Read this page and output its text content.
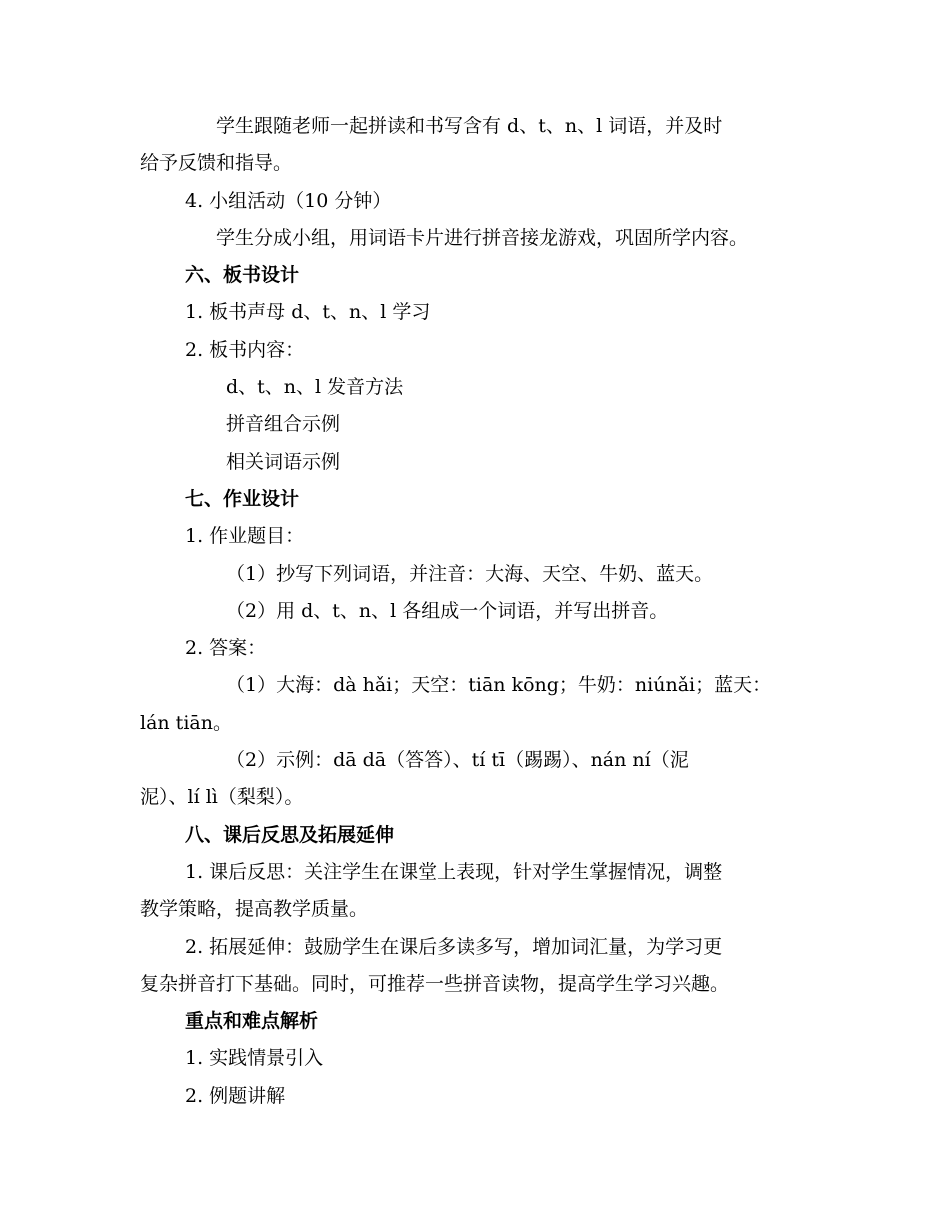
学生跟随老师一起拼读和书写含有 d、t、n、l 词语，并及时
给予反馈和指导。
4. 小组活动（10 分钟）
学生分成小组，用词语卡片进行拼音接龙游戏，巩固所学内容。
六、板书设计
1. 板书声母 d、t、n、l 学习
2. 板书内容：
d、t、n、l 发音方法
拼音组合示例
相关词语示例
七、作业设计
1. 作业题目：
（1）抄写下列词语，并注音：大海、天空、牛奶、蓝天。
（2）用 d、t、n、l 各组成一个词语，并写出拼音。
2. 答案：
（1）大海：dà hǎi；天空：tiān kōng；牛奶：niúnǎi；蓝天：
lán tiān。
（2）示例：dā dā（答答）、tí tī（踢踢）、nán ní（泥
泥）、lí lì（梨梨）。
八、课后反思及拓展延伸
1. 课后反思：关注学生在课堂上表现，针对学生掌握情况，调整
教学策略，提高教学质量。
2. 拓展延伸：鼓励学生在课后多读多写，增加词汇量，为学习更
复杂拼音打下基础。同时，可推荐一些拼音读物，提高学生学习兴趣。
重点和难点解析
1. 实践情景引入
2. 例题讲解
